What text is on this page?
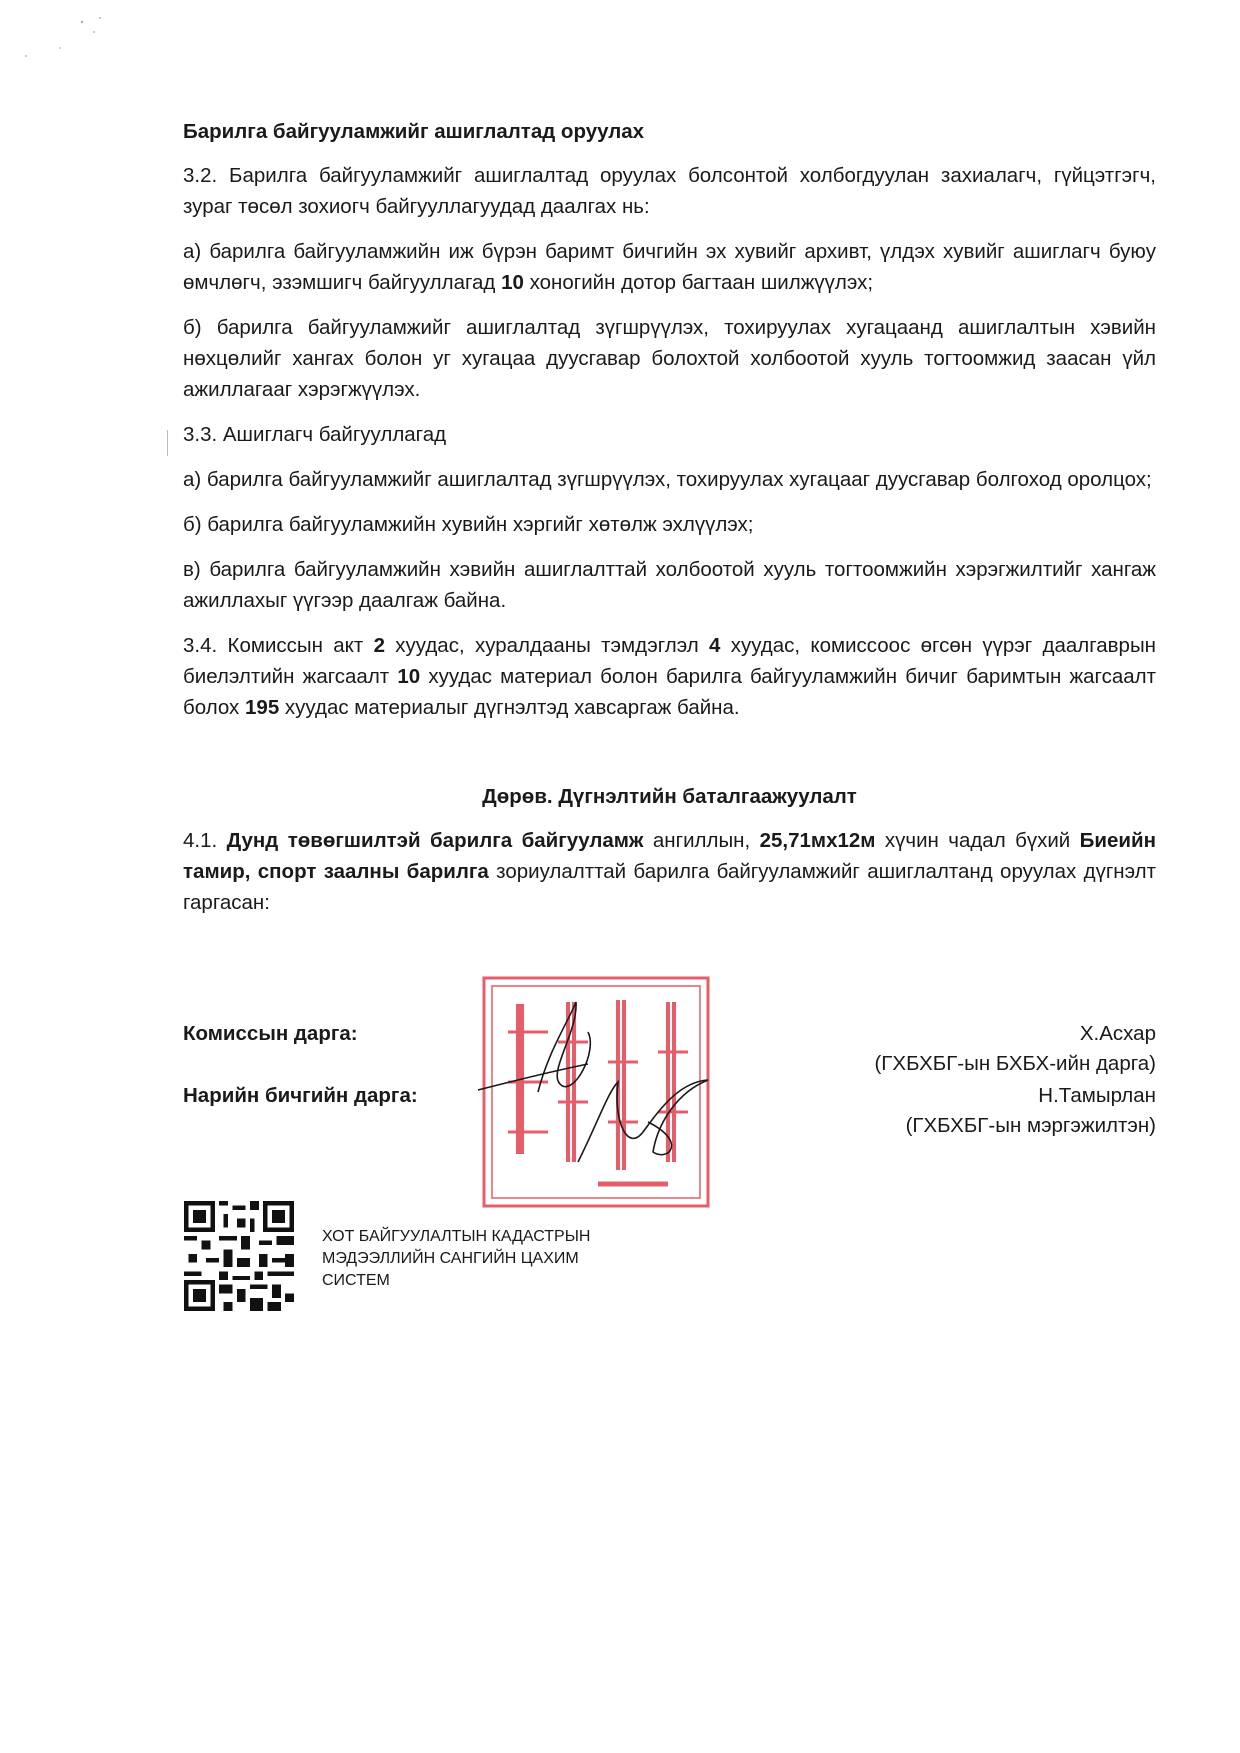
Барилга байгууламжийг ашиглалтад оруулах

3.2. Барилга байгууламжийг ашиглалтад оруулах болсонтой холбогдуулан захиалагч, гүйцэтгэгч, зураг төсөл зохиогч байгууллагуудад даалгах нь:

а) барилга байгууламжийн иж бүрэн баримт бичгийн эх хувийг архивт, үлдэх хувийг ашиглагч буюу өмчлөгч, эзэмшигч байгууллагад 10 хоногийн дотор багтаан шилжүүлэх;

б) барилга байгууламжийг ашиглалтад зүгшрүүлэх, тохируулах хугацаанд ашиглалтын хэвийн нөхцөлийг хангах болон уг хугацаа дуусгавар болохтой холбоотой хууль тогтоомжид заасан үйл ажиллагааг хэрэгжүүлэх.

3.3. Ашиглагч байгууллагад

а) барилга байгууламжийг ашиглалтад зүгшрүүлэх, тохируулах хугацааг дуусгавар болгоход оролцох;

б) барилга байгууламжийн хувийн хэргийг хөтөлж эхлүүлэх;

в) барилга байгууламжийн хэвийн ашиглалттай холбоотой хууль тогтоомжийн хэрэгжилтийг хангаж ажиллахыг үүгээр даалгаж байна.

3.4. Комиссын акт 2 хуудас, хуралдааны тэмдэглэл 4 хуудас, комиссоос өгсөн үүрэг даалгаврын биелэлтийн жагсаалт 10 хуудас материал болон барилга байгууламжийн бичиг баримтын жагсаалт болох 195 хуудас материалыг дүгнэлтэд хавсаргаж байна.

Дөрөв. Дүгнэлтийн баталгаажуулалт

4.1. Дунд төвөгшилтэй барилга байгууламж ангиллын, 25,71мх12м хүчин чадал бүхий Биеийн тамир, спорт заалны барилга зориулалттай барилга байгууламжийг ашиглалтанд оруулах дүгнэлт гаргасан:

Комиссын дарга:	Х.Асхар
(ГХБХБГ-ын БХБХ-ийн дарга)
Нарийн бичгийн дарга:	Н.Тамырлан
(ГХБХБГ-ын мэргэжилтэн)
ХОТ БАЙГУУЛАЛТЫН КАДАСТРЫН МЭДЭЭЛЛИЙН САНГИЙН ЦАХИМ СИСТЕМ
